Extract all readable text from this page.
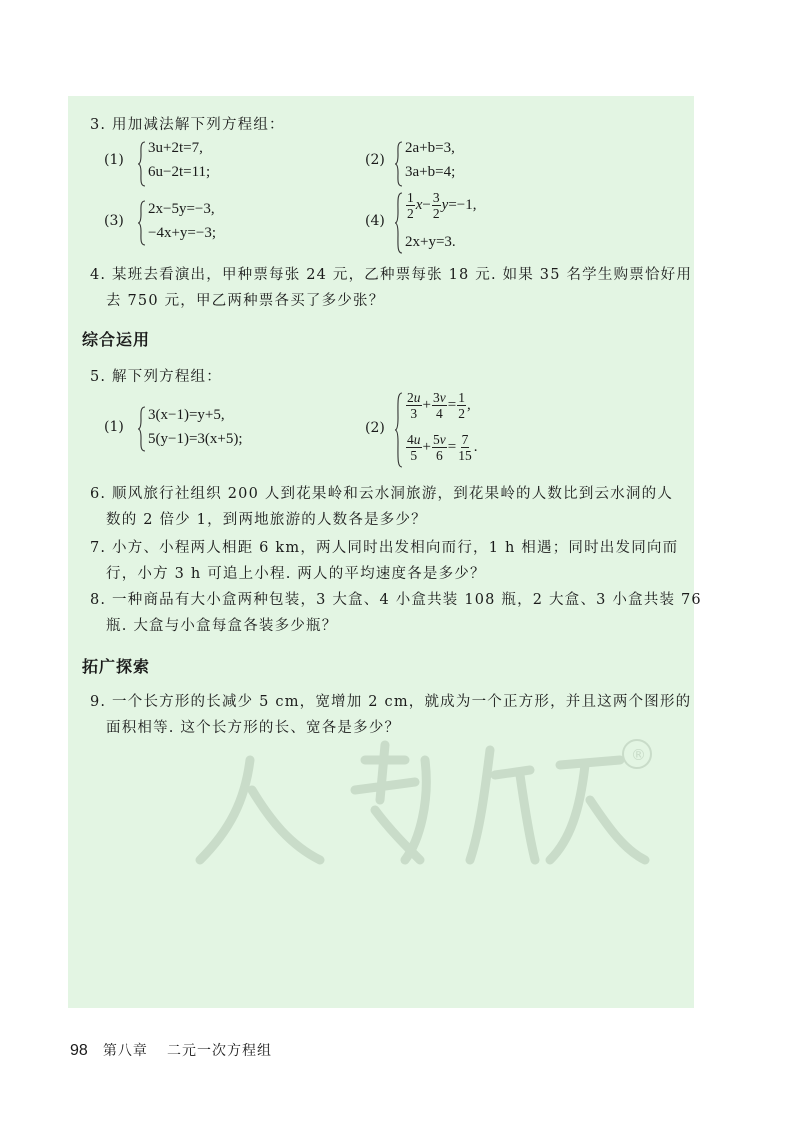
®
3. 用加减法解下列方程组：
(1)
3u+2t=7,
6u−2t=11;
(2)
2a+b=3,
3a+b=4;
(3)
2x−5y=−3,
−4x+y=−3;
$(4) \frac{1}{2} x- \frac{3}{2} y=-1$,
2x+y=3.
4. 某班去看演出，甲种票每张 24 元，乙种票每张 18 元. 如果 35 名学生购票恰好用
去 750 元，甲乙两种票各买了多少张？
综合运用
5. 解下列方程组：
(1)
3(x−1)=y+5,
5(y−1)=3(x+5);
(2)
$\frac{2u}{3} + \frac{3v}{4} = \frac{1}{2}$ ,
$\frac{4u}{5} + \frac{5v}{6} = \frac{7}{15}$ .
6. 顺风旅行社组织 200 人到花果岭和云水洞旅游，到花果岭的人数比到云水洞的人
数的 2 倍少 1，到两地旅游的人数各是多少？
7. 小方、小程两人相距 6 km，两人同时出发相向而行，1 h 相遇；同时出发同向而
行，小方 3 h 可追上小程. 两人的平均速度各是多少？
8. 一种商品有大小盒两种包装，3 大盒、4 小盒共装 108 瓶，2 大盒、3 小盒共装 76
瓶. 大盒与小盒每盒各装多少瓶？
拓广探索
9. 一个长方形的长减少 5 cm，宽增加 2 cm，就成为一个正方形，并且这两个图形的
面积相等. 这个长方形的长、宽各是多少？
98 第八章 二元一次方程组
